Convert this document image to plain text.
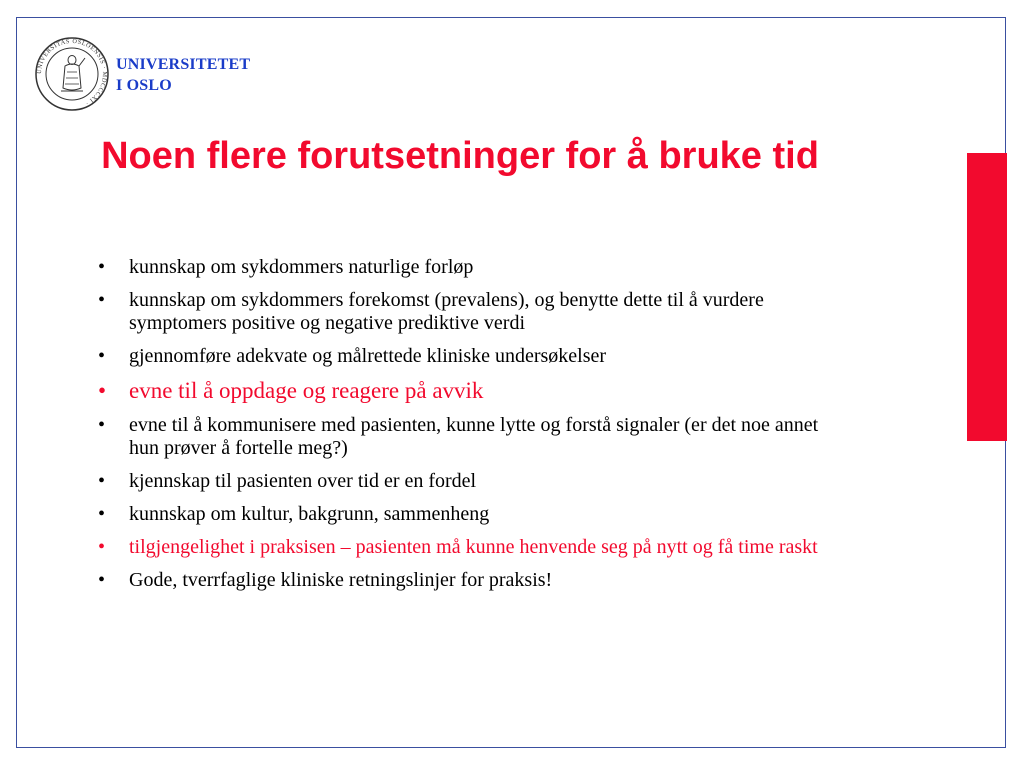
UNIVERSITAS OSLOENSIS · MDCCCXI ·
UNIVERSITETET
I OSLO
Noen flere forutsetninger for å bruke tid
• kunnskap om sykdommers naturlige forløp
• kunnskap om sykdommers forekomst (prevalens), og benytte dette til å vurdere symptomers positive og negative prediktive verdi
• gjennomføre adekvate og målrettede kliniske undersøkelser
• evne til å oppdage og reagere på avvik
• evne til å kommunisere med pasienten, kunne lytte og forstå signaler (er det noe annet hun prøver å fortelle meg?)
• kjennskap til pasienten over tid er en fordel
• kunnskap om kultur, bakgrunn, sammenheng
• tilgjengelighet i praksisen – pasienten må kunne henvende seg på nytt og få time raskt
• Gode, tverrfaglige kliniske retningslinjer for praksis!
